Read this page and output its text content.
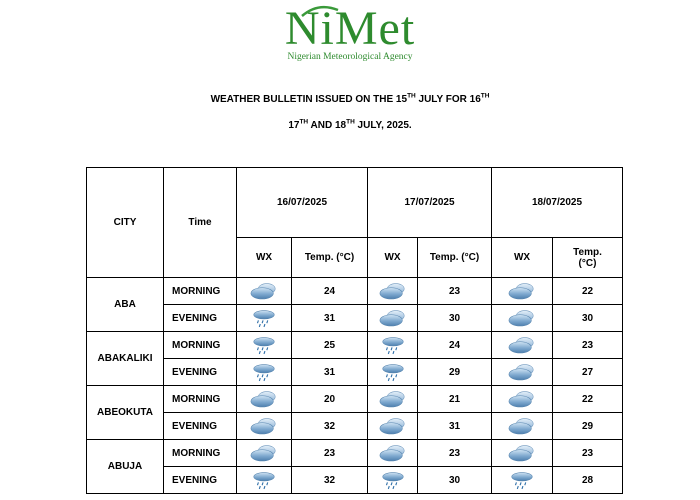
NiMet
Nigerian Meteorological Agency
WEATHER BULLETIN ISSUED ON THE 15TH JULY FOR 16TH
17TH AND 18TH JULY, 2025.
CITY	Time	16/07/2025		17/07/2025		18/07/2025	
		WX	Temp. (°C)	WX	Temp. (°C)	WX	Temp.
(°C)
ABA	MORNING		24		23		22
	EVENING		31		30		30
ABAKALIKI	MORNING		25		24		23
	EVENING		31		29		27
ABEOKUTA	MORNING		20		21		22
	EVENING		32		31		29
ABUJA	MORNING		23		23		23
	EVENING		32		30		28
